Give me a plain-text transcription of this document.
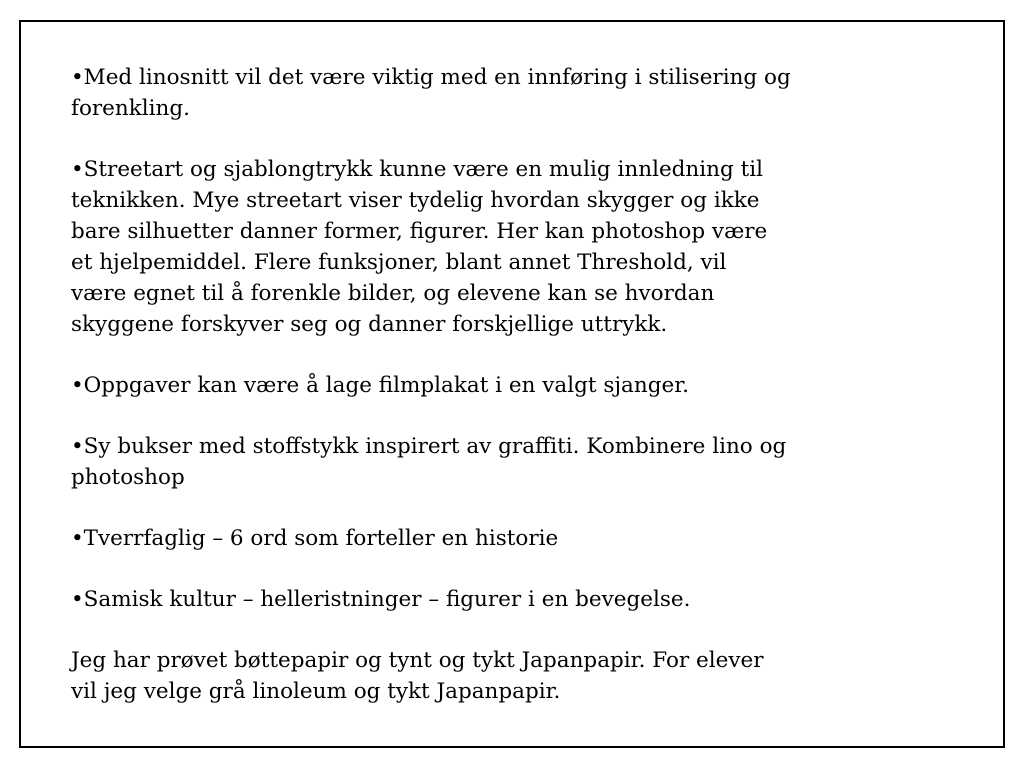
•Med linosnitt vil det være viktig med en innføring i stilisering og
forenkling.

•Streetart og sjablongtrykk kunne være en mulig innledning til
teknikken. Mye streetart viser tydelig hvordan skygger og ikke
bare silhuetter danner former, figurer. Her kan photoshop være
et hjelpemiddel. Flere funksjoner, blant annet Threshold, vil
være egnet til å forenkle bilder, og elevene kan se hvordan
skyggene forskyver seg og danner forskjellige uttrykk.

•Oppgaver kan være å lage filmplakat i en valgt sjanger.

•Sy bukser med stoffstykk inspirert av graffiti. Kombinere lino og
photoshop

•Tverrfaglig – 6 ord som forteller en historie

•Samisk kultur – helleristninger – figurer i en bevegelse.

Jeg har prøvet bøttepapir og tynt og tykt Japanpapir. For elever
vil jeg velge grå linoleum og tykt Japanpapir.
